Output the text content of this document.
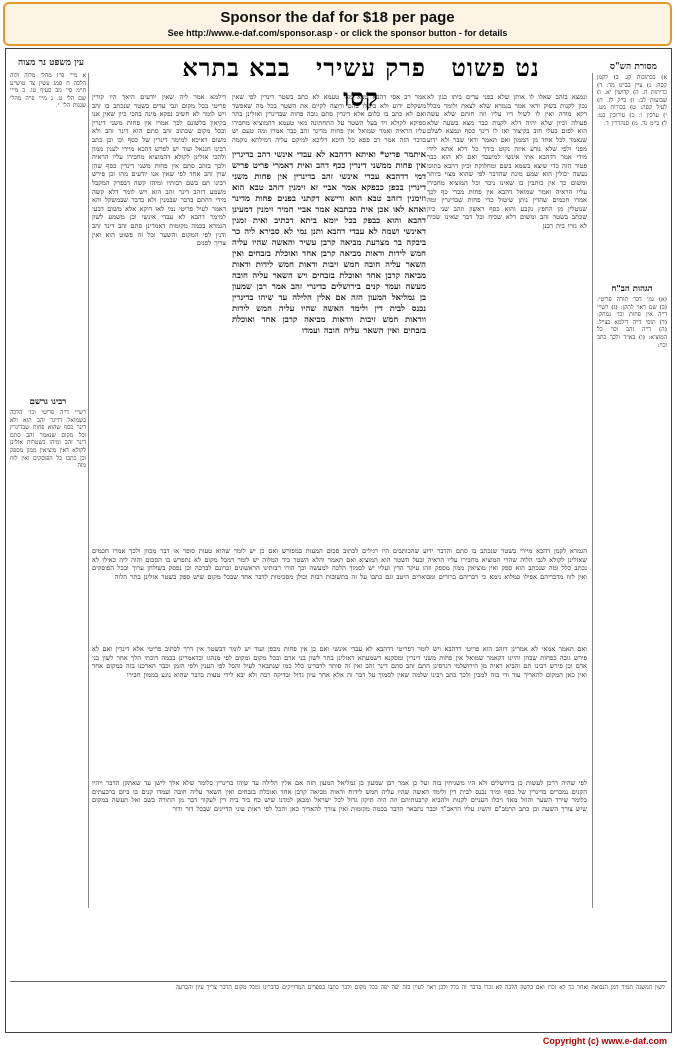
Sponsor the daf for $18 per page
See http://www.e-daf.com/sponsor.asp - or click the sponsor button - for details
נט פשוט פרק עשירי בבא בתרא קסו
מסורת הש"ס
עין משפט נר מצוה
א) בכתובות קג. ב) לקמן קסה: ג) עיין בב"מ מד: ד) כריתות ח. ה) קדושין יא. ו) שבועות לב: ז) ב"ק לז. ח) לעיל קסה: ט) בכורות מט. י) ערכין ו: כ) עירובין כט: ל) ב"מ נד. מ) סנהדרין ד.
הגהות הב"ח
(א) גמ' דבר תורה פריטי: (ב) שם ראוי לתקן: (ג) רש"י ד"ה אין פחות וכו' נמחק: (ד) תוס' ד"ה דילמא כצ"ל: (ה) ד"ה זהב וכו' כל המוציא: (ו) בא"ד ולכך כתב וכו':
א מיי' פ"ז מהל' מלוה ולוה הלכה ח סמג עשין צד טוש"ע ח"מ סי' מב סעיף טו. ב מיי' שם הל' ט. ג מיי' פ"ה מהל' שגגות הל' י.
רבינו גרשם
רש"י ד"ה פריטי וכו' הלכה כשמואל דדינר זהב הוא ולא דינר כסף שהוא פחות שבדינרין וכל מקום שנאמר זהב סתם דינר זהב ומיהו בשטרות אזלינן לקולא דאין מוציאין ממון מספק וכן כתבו כל הפוסקים ואין לזוז מזה
ונמצא בזהב שאלו לו אותן שלא בפני עדים ביתו כגון לא נכון לקנות בשוק ודאי אמר בגמרא שלא לצאת ולומר מכלל דקא מודה ואין לו לשיל דיו עליו וזה חותם שלא עשה פעולה וכיון שלא יהיה דלא לקנות כבר מצא בשעה שלא הוא לפום בעלי חוב בקיצור ואז לו דינר כסף ונמצא לשלם שנאמר לכל אחד מן הממון ואם תאמר ודאי שבר ולא ידוע מפני ולפי שלא נודע איזה נקוט בידך כל דלא אתא לידי מידי אמר דדהבא אתי אינשי למיעבד ואם לא הוא כבר פטור הזה כדי שיצא בשמא בשם ומחלוקת וכיון דהבא בתוכו נעשה יכולין הוא שמע מינה שהדבר לפי שהוא מצוי ביותר ומשום כך אין כותבין בו שאינו ניכר וכל המוציא מחבירו עליו הראיה ואמר שמואל דהבא אין פחות מכדי כף לכך אמרו חכמים שהדין נותן שיטול כדי פחות שבדינרין ומה שנוטלין מן החפץ נקבע והוא כסף ראשון וזהב שני כיון שכתב בשטר זהב ומשום דלא שכיח וכל דבר שאינו שכיח לא גזרו ביה רבנן
דילמא אמר ליה שאין יודעים היאך היו קורין פריטי בכל מקום וגבי עדים בשטר שנכתב בו זהב ויש לומר לא חשיב נפקא מינה בהכי כיון שאין אנו בקיאין בלשונם לכך אמרו אין פחות משני דינרין ובכל מקום שכתוב זהב סתם הוא דינר זהב ולא משום דאיכא למימר דינרין של כסף וכו וכן כתב רבינו חננאל ועוד יש לפרש דהכא מיירי לענין ממון ולהכי אזלינן לקולא דהמוציא מחבירו עליו הראיה ולכך בזהב סתם אין פחות משני דינרין כסף שהן שוין זהב אחד לפי שאין אנו יודעים מהו וכן פירש רבינו תם בשם רבותיו ומיהו קשה דבפרק המקבל משמע דזהב דינר זהב הוא ויש לומר דלא קשה מידי דהתם בדבר שבמנין ולא בדבר שבמשקל והא דאמר לעיל פריטי נמי לאו דוקא אלא משום דבעי למימר דהבא לא עבדי אינשי וכן משמע לשון הגמרא בכמה מקומות דאמרינן סתם זהב דינר זהב ודנין לפי המקום והשער וכל זה פשוט הוא ואין צריך לפנים
איתמר פריט* ואיתא דדהבא לא עבדי אינשי דהב בדינרין אין פחות ממשני דינרין ככף דהב ואית דאמרי פריט פריש דמי דדהבא עבדי אינשי זהב בדינרין אין פחות משני דינרין בכפן כבפקא אמר אביי זא זימנין דזהב טבא הוא וזימנין דזהב טבא הוא ורישא דקתני בפנים פחות מדינר ואהא לאו אכן אית בכתבא אמר אביי חמיר זימנין דמעינן דהבא והוא כבפק בכל יומא ביתא דכתיב ואית זמנין דאינשי ושמה לא עבדי דהבא ותנן נמי לא סבירא ליה כר ביבקה בר מצרעת מביאה קרבן עשיר והאשה שהיו עליה חמש לידות ודאות מביאה קרבן אחד ואוכלת בזבחים ואין השאר עליה חובה חמש זיבות ודאות חמש לידות ודאות מביאה קרבן אחד ואוכלת בזבחים ויש השאר עליה חובה מעשה ועמד קנים בירושלים בדינרי זהב אמר רבן שמעון בן גמליאל המעון הזה אם אלין הלילה עד שיהו בדינרין נכנס לבית דין ולימד האשה שהיו עליה חמש לידות וודאות חמש זיבות וודאות מביאה קרבן אחד ואוכלת בזבחים ואין השאר עליה חובה ועמדו
אמר רב אסי דהבא טבא מאי טעמא לא כתב בשטר דינרין לפי שאין משקלם ידוע ולא ביטלו בהם ורוצה לקיים את השטר בכל מה שאפשר ואם לא כתב בו כלום אלא דינרין סתם גובה פחות שבדינרין ואזלינן בתר ספיקא לקולא ויד בעל השטר על התחתונה מאי טעמא דהמוציא מחבירו עליו הראיה ואמר שמואל אין פחות מדינר זהב כבר אמרו ומה טעם יש בדבר הזה אמר רב פפא כל היכא דליכא למיקם עליה דמילתא נוקמה
הגמרא לקמן דהכא מיירי בשטר שנכתב בו סתם והדבר ידוע שהכותבים היו רגילים לכתוב סכום המעות במפורש ואם כן יש לומר שהוא טעות סופר או דבר מכוון ולכך אמרו חכמים שאזלינן לקולא לגבי הלוה שהרי המוציא מחבירו עליו הראיה ובעל השטר הוא המוציא ואם תאמר והלא השטר ביד המלוה יש לומר דמכל מקום לא נתפרש בו הסכום והוה ליה כאילו לא נכתב כלל ומה שנכתב הוא ספק ואין מוציאין ממון מספק וזהו עיקר הדין ועליו יש לסמוך הלכה למעשה וכך הורו רבותינו הראשונים זכרונם לברכה וכן נפסק בשולחן ערוך ובכל הפוסקים ואין לזוז מדבריהם אפילו כמלוא נימא כי דבריהם ברורים ומבוארים היטב וגם כתבו על זה בתשובות רבות וכולן מסכימות לדבר אחד שבכל מקום שיש ספק בשטר אזלינן בתר הלוה
ואם תאמר אמאי לא אמרינן דזהב הוא פריטי דדהבא ויש לומר דפריטי דדהבא לא עבדי אינשי ואם כן אין פחות מכפן ועוד יש לומר דבשטר אין דרך לכתוב פריטי אלא דינרין ואם לא פירש גובה כפחות שבהן והיינו דקאמר שמואל אין פחות משני דינרין ומסקנא דשמעתא דאזלינן בתר לשון בני אדם ובכל מקום ומקום לפי מנהגו וכדאמרינן בכמה דוכתי הלך אחר לשון בני אדם וכן פירש רבינו תם והביא ראיה מן הירושלמי דגרסינן התם זהב סתם דינר זהב ואין זה סותר לדברינו כלל כמו שנתבאר לעיל והכל לפי הענין ולפי הזמן וכבר הארכנו בזה במקום אחר ואין כאן המקום להאריך עוד ודי בזה למבין ולכך כתב רבינו שלמה שאין לסמוך על דבר זה אלא אחר עיון גדול ובדיקה רבה ולא יבא לידי טעות בדבר שהוא נוגע בממון חבירו
לפי שהיה דרכן לעשות כן בירושלים ולא היו משגיחין בזה ועל כן אמר רבן שמעון בן גמליאל המעון הזה אם אלין הלילה עד שיהו בדינרין כלומר שלא אלך לישן עד שאתקן הדבר ויהיו הקנים נמכרים בדינרין של כסף ומיד נכנס לבית דין ולימד האשה שהיו עליה חמש לידות ודאות מביאה קרבן אחד ואוכלת בזבחים ואין השאר עליה חובה ועמדו קנים בו ביום ברבעתים כלומר שירד השער והוזל מאד ויכלו העניים לקנות ולהביא קרבנותיהם וזה היה תיקון גדול לכל ישראל ומכאן למדנו שיש כח ביד בית דין לעקור דבר מן התורה בשב ואל תעשה במקום שיש צורך השעה וכן כתב הרמב"ם והשיג עליו הראב"ד וכבר נתבאר הדבר בכמה מקומות ואין צורך להאריך כאן והכל לפי ראות עיני הדיינים שבכל דור ודור
לשון המשנה תמיד דמן הנבואה ואחר כך לא זכרו ואם בלשון הלכה לא זכרו בדבר זה כלל ולכן ראוי לעיין בזה יפה יפה בכל מקום ולכך כתבו בספרים המדוייקים כדברינו ומכל מקום הדבר צריך עיון והכרעה
Copyright (c) www.e-daf.com
